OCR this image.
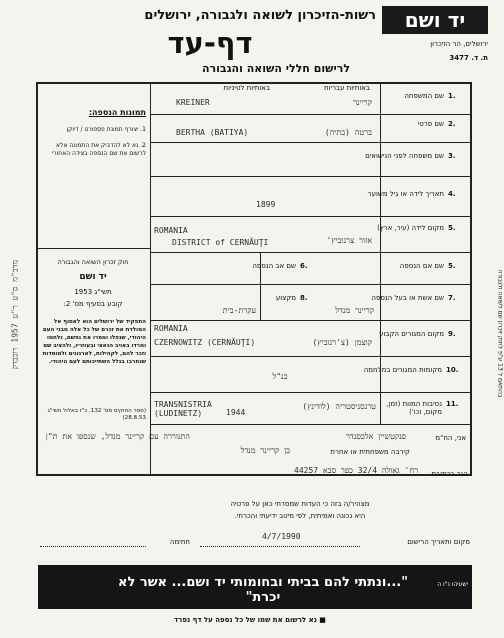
רשות-הזיכרון לשואה ולגבורה, ירושלים
דף-עד
לרישום חללי השואה והגבורה
יד ושם
ירושלים, הר הזיכרון
ת. ד. 3477
תמונות הנספה:
1. יצורף תמונת פספורט / דיוקן
2. נא לא להדביק את התמונה אלא לרשום את שם הנספה בצידה האחורי
חוק זכרון השואה והגבורה
יד ושם
תשי"ג 1953
קובע בסעיף מס' 2:
התפקיד של ירושלים הוא לאסוף אל המולדת את זכרם של כל אלה מבני העם היהודי, שנפלו ומסרו את נפשם, נלחמו ומרדו באויב הנאצי ובעוזריו, ולהציב שם וזכר להם, לקהילות, לארגונים ולמוסדות שנחרבו בגלל השתייכותם לעם היהודי.
(ספר החוקים מס' 132, כ"ז באלול תשי"ג 28.8.53)
באותיות עבריות
באותיות לטיניות
1.
שם המשפחה
KREINER	קריינר
2.
שם פרטי
BERTHA (BATIYA)	ברטה (בתיה)
3.
שם משפחה לפני הנישואים
4.
תאריך לידה או גיל משוער
1899
5.
מקום לידה (עיר, ארץ)
ROMANIA
DISTRICT of CERNĂUŢI	אזור צרנוביץ'
6.
שם אב הנספה	5.
שם אם הנספה
7.
שם אשת או בעל הנספה
קריינר מנדל
8.
מקצוע
עקרת-בית
9.
מקום המגורים הקבוע
ROMANIA
CZERNOWITZ (CERNĂUŢI)	קוצמן (צ'רנוביץ)
10.
מקומות המגורים במלחמה
כנ"ל
11.
נסיבות המוות (זמן, מקום, וכו')
TRANSNISTRIA (LUDINETZ)	1944
טרנסניסטריה (לודינץ)
אני, הח"מ
פנקטשיין אלכסנדר
התגוררה עם קריינר מנדל, שנספו את ת"ן
קירבה משפחתית או אחרת
בן קריינר מנדל
הגר בכתובת
רח' גאולה 32/4 כפר סבא 44257
מצהיר/ה בזה כי העדות שמסרתי כאן על פרטיה
היא נכונה ואמיתית, לפי מיטב ידיעתי והכרתי.
מקום ותאריך הרישום
4/7/1990
חתימה
"...ונתתי להם בביתי ובחומותי יד ושם... אשר לא יכרת"
ישעיהו נ"ו ה
■ נא לרשום את שמו של כל נספה על דף נפרד
בהתאם ל 13 ע"פ לחוק זיכרון שם לשואה ולגבורה
מדב"מ ס"ע ר"ע 1957 רוכבדק
